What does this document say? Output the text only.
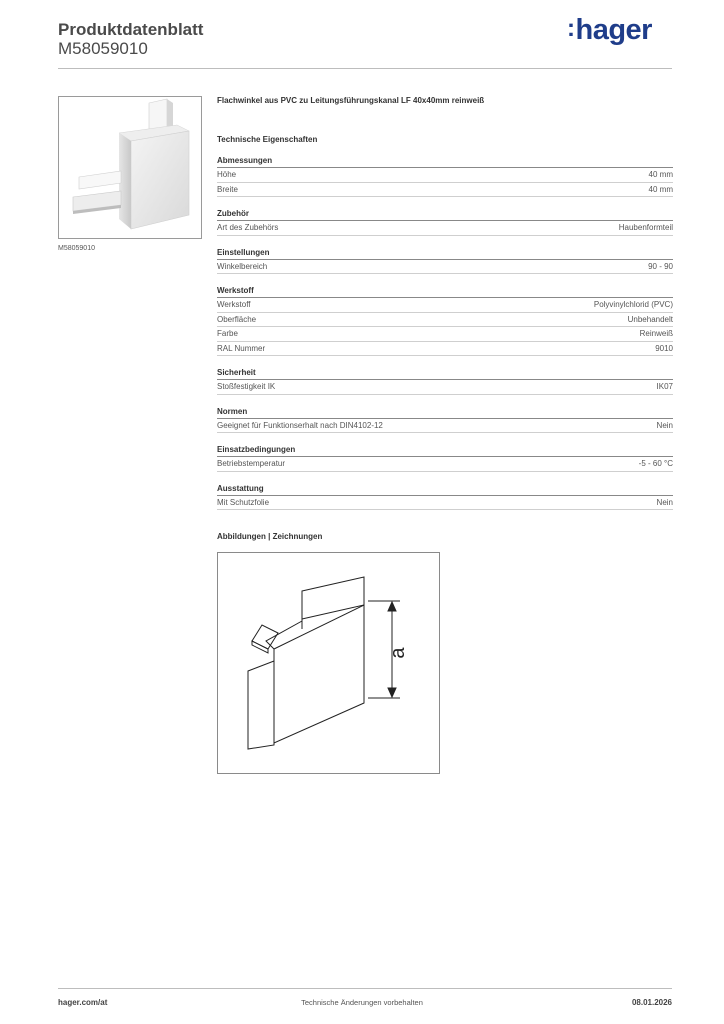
Produktdatenblatt
M58059010
:hager
M58059010
Flachwinkel aus PVC zu Leitungsführungskanal LF 40x40mm reinweiß
Technische Eigenschaften
Abmessungen
Höhe	40 mm
Breite	40 mm
Zubehör
Art des Zubehörs	Haubenformteil
Einstellungen
Winkelbereich	90 - 90
Werkstoff
Werkstoff	Polyvinylchlorid (PVC)
Oberfläche	Unbehandelt
Farbe	Reinweiß
RAL Nummer	9010
Sicherheit
Stoßfestigkeit IK	IK07
Normen
Geeignet für Funktionserhalt nach DIN4102-12	Nein
Einsatzbedingungen
Betriebstemperatur	-5 - 60 °C
Ausstattung
Mit Schutzfolie	Nein
Abbildungen | Zeichnungen
a
hager.com/at	Technische Änderungen vorbehalten	08.01.2026
